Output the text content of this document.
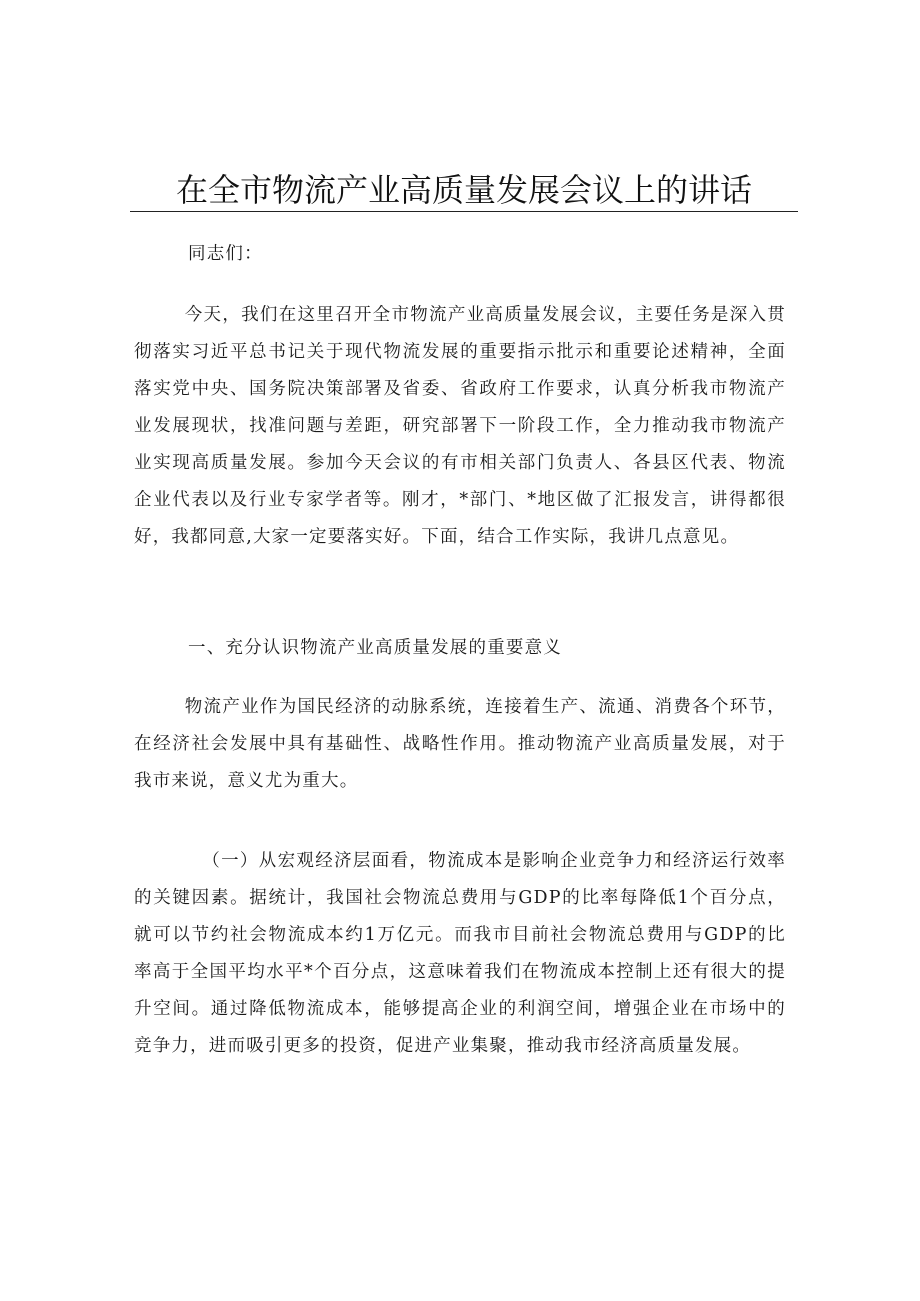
在全市物流产业高质量发展会议上的讲话

同志们：

今天，我们在这里召开全市物流产业高质量发展会议，主要任务是深入贯彻落实习近平总书记关于现代物流发展的重要指示批示和重要论述精神，全面落实党中央、国务院决策部署及省委、省政府工作要求，认真分析我市物流产业发展现状，找准问题与差距，研究部署下一阶段工作，全力推动我市物流产业实现高质量发展。参加今天会议的有市相关部门负责人、各县区代表、物流企业代表以及行业专家学者等。刚才，*部门、*地区做了汇报发言，讲得都很好，我都同意,大家一定要落实好。下面，结合工作实际，我讲几点意见。

一、充分认识物流产业高质量发展的重要意义

物流产业作为国民经济的动脉系统，连接着生产、流通、消费各个环节，在经济社会发展中具有基础性、战略性作用。推动物流产业高质量发展，对于我市来说，意义尤为重大。

（一）从宏观经济层面看，物流成本是影响企业竞争力和经济运行效率的关键因素。据统计，我国社会物流总费用与GDP的比率每降低1个百分点，就可以节约社会物流成本约1万亿元。而我市目前社会物流总费用与GDP的比率高于全国平均水平*个百分点，这意味着我们在物流成本控制上还有很大的提升空间。通过降低物流成本，能够提高企业的利润空间，增强企业在市场中的竞争力，进而吸引更多的投资，促进产业集聚，推动我市经济高质量发展。
